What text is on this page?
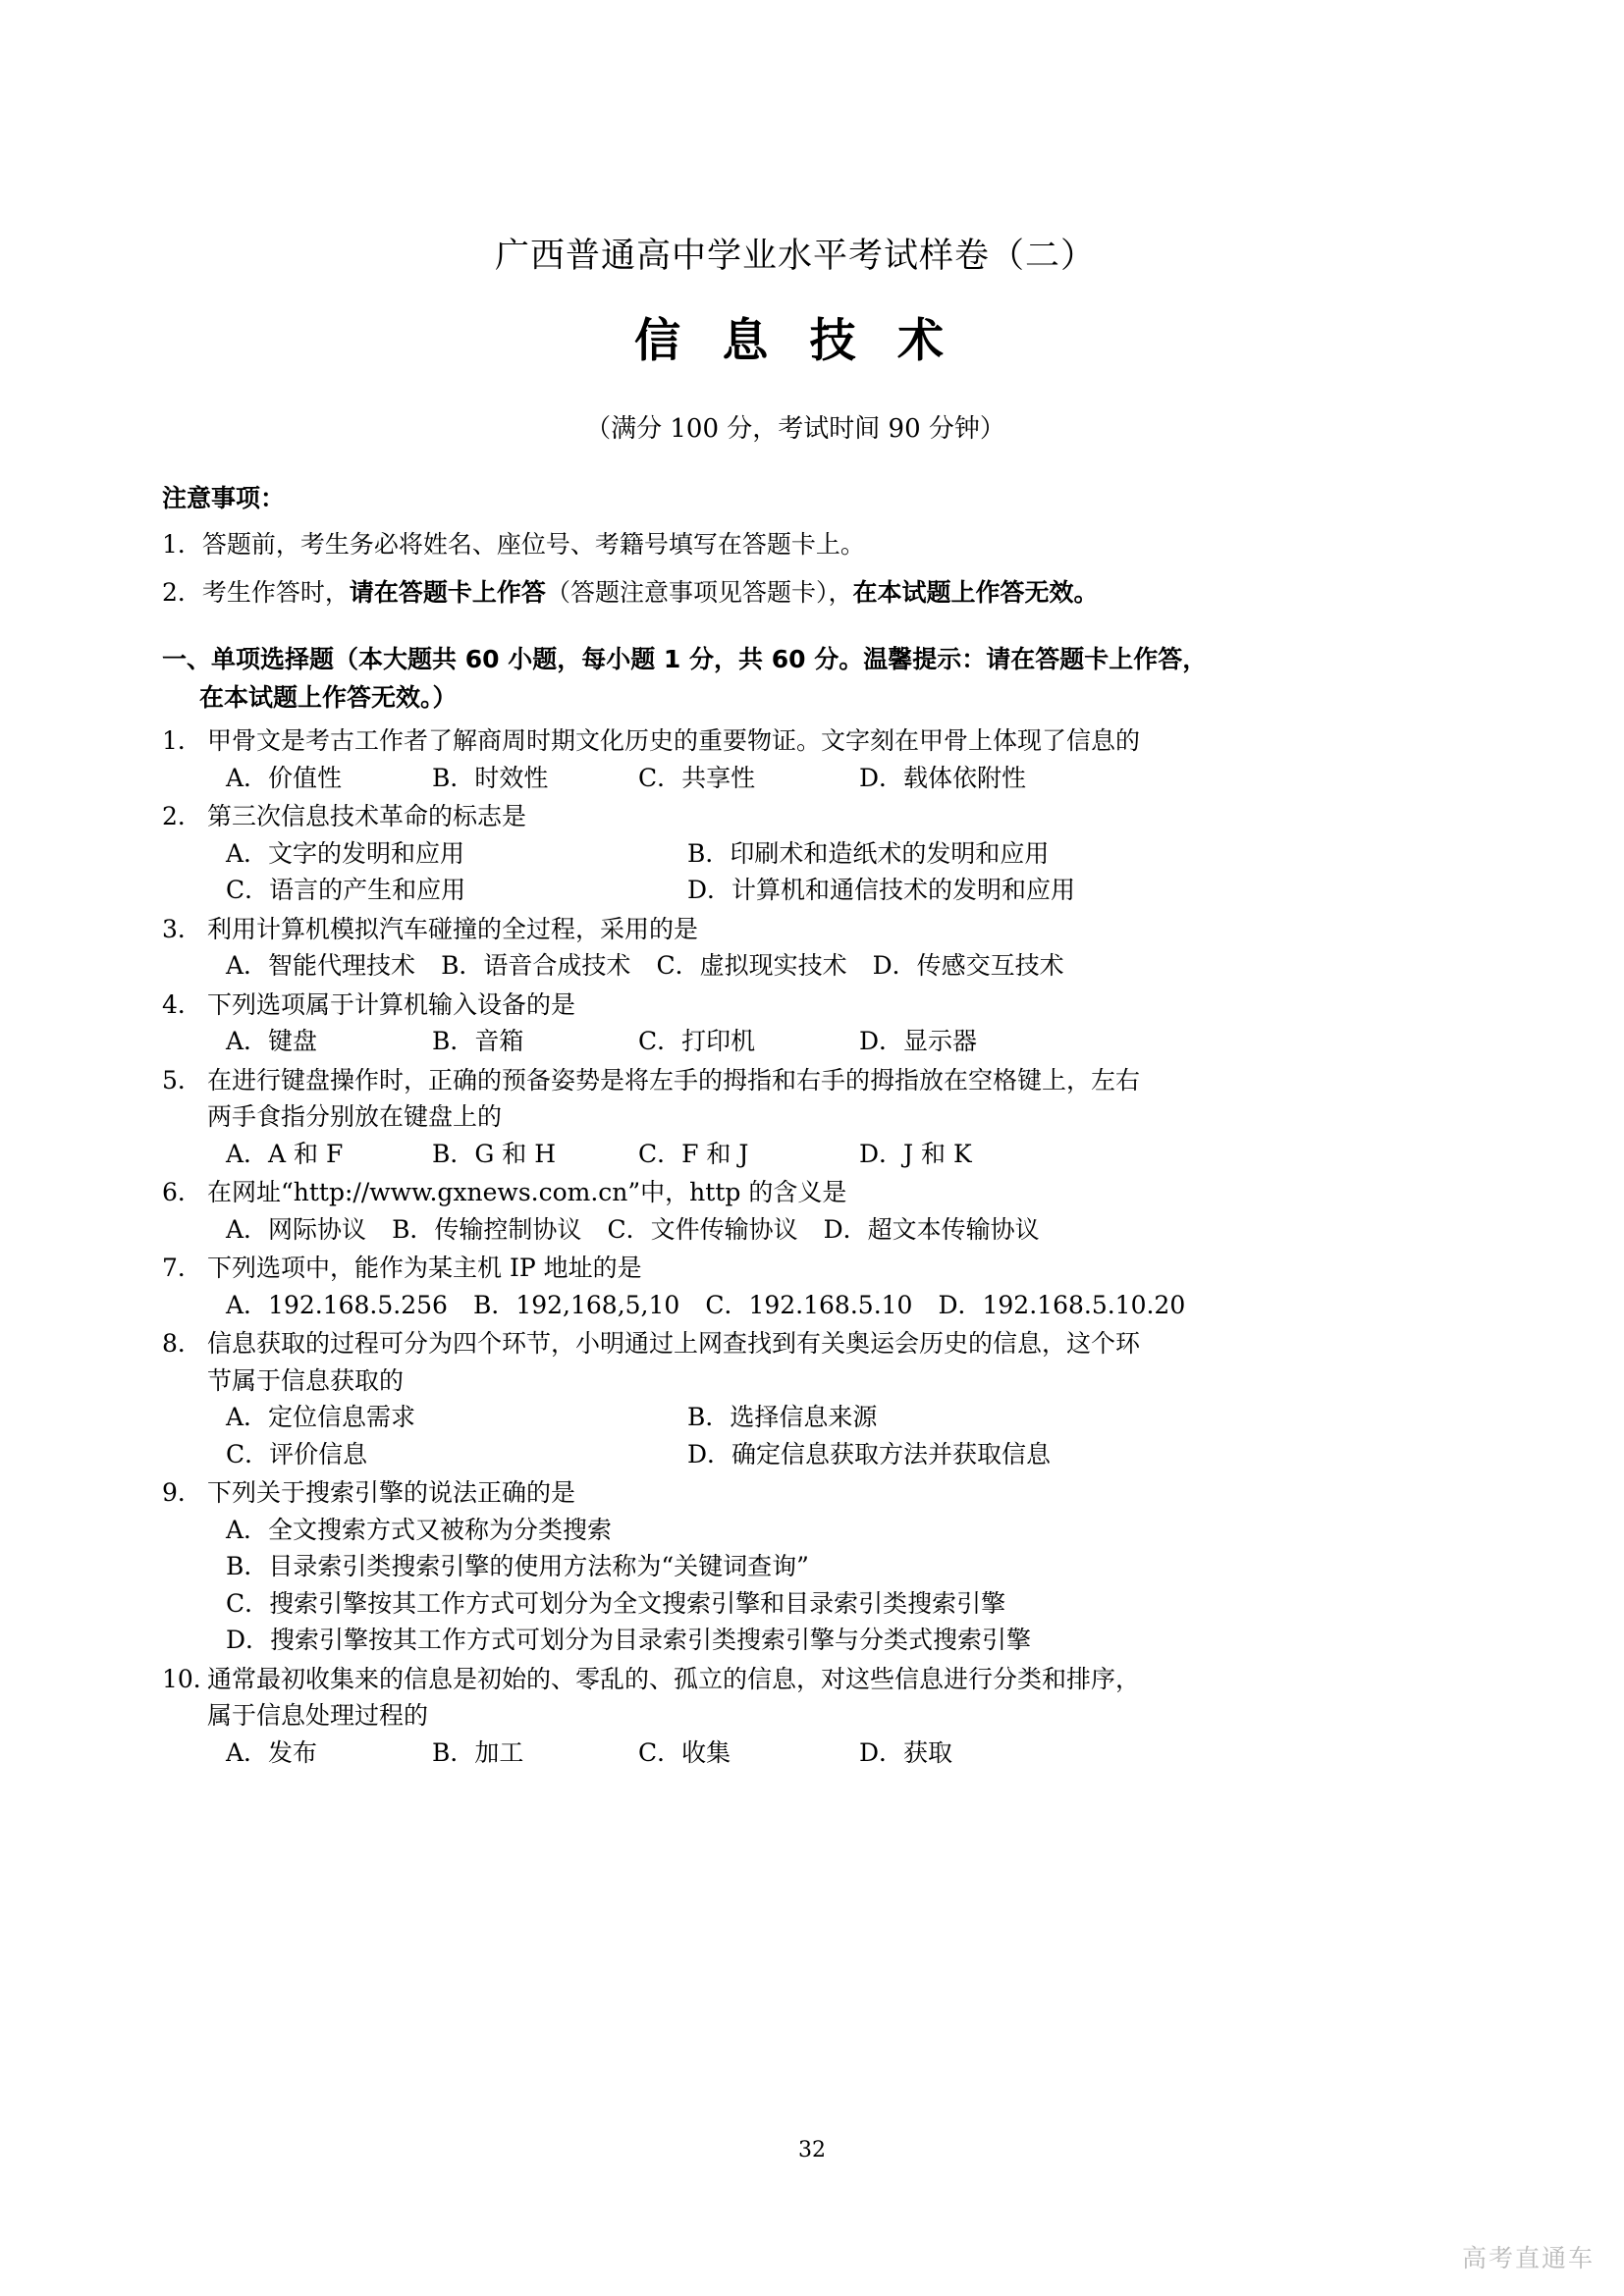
广西普通高中学业水平考试样卷（二）
信 息 技 术

（满分 100 分，考试时间 90 分钟）

注意事项：

1．答题前，考生务必将姓名、座位号、考籍号填写在答题卡上。

2．考生作答时，请在答题卡上作答（答题注意事项见答题卡），在本试题上作答无效。

一、单项选择题（本大题共 60 小题，每小题 1 分，共 60 分。温馨提示：请在答题卡上作答，
在本试题上作答无效。）
1． 甲骨文是考古工作者了解商周时期文化历史的重要物证。文字刻在甲骨上体现了信息的
A．价值性	B．时效性	C．共享性	D．载体依附性
2． 第三次信息技术革命的标志是
A．文字的发明和应用	B．印刷术和造纸术的发明和应用
C．语言的产生和应用	D．计算机和通信技术的发明和应用
3． 利用计算机模拟汽车碰撞的全过程，采用的是
A．智能代理技术 B．语音合成技术 C．虚拟现实技术 D．传感交互技术
4． 下列选项属于计算机输入设备的是
A．键盘	B．音箱	C．打印机	D．显示器
5． 在进行键盘操作时，正确的预备姿势是将左手的拇指和右手的拇指放在空格键上，左右
两手食指分别放在键盘上的
A．A 和 F	B．G 和 H	C．F 和 J	D．J 和 K
6． 在网址“http://www.gxnews.com.cn”中，http 的含义是
A．网际协议 B．传输控制协议 C．文件传输协议 D．超文本传输协议
7． 下列选项中，能作为某主机 IP 地址的是
A．192.168.5.256 B．192,168,5,10 C．192.168.5.10 D．192.168.5.10.20
8． 信息获取的过程可分为四个环节，小明通过上网查找到有关奥运会历史的信息，这个环
节属于信息获取的
A．定位信息需求	B．选择信息来源
C．评价信息	D．确定信息获取方法并获取信息
9． 下列关于搜索引擎的说法正确的是
A．全文搜索方式又被称为分类搜索
B．目录索引类搜索引擎的使用方法称为“关键词查询”
C．搜索引擎按其工作方式可划分为全文搜索引擎和目录索引类搜索引擎
D．搜索引擎按其工作方式可划分为目录索引类搜索引擎与分类式搜索引擎
10．
通常最初收集来的信息是初始的、零乱的、孤立的信息，对这些信息进行分类和排序，
属于信息处理过程的
A．发布	B．加工	C．收集	D．获取
32
高考直通车
